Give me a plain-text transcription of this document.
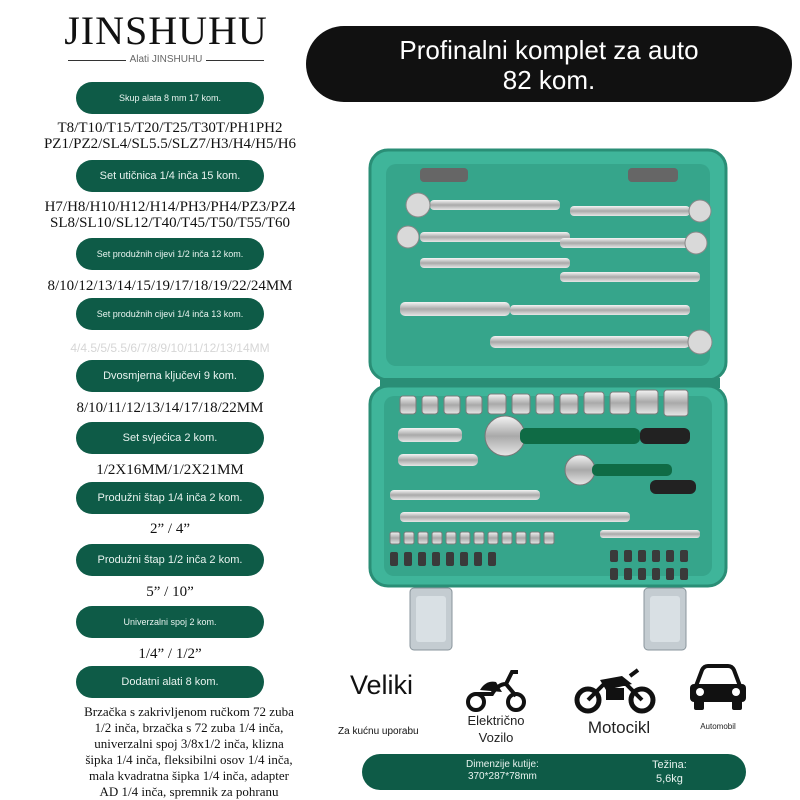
JINSHUHU
Alati JINSHUHU	Profinalni komplet za auto
82 kom.
Skup alata 8 mm 17 kom.
T8/T10/T15/T20/T25/T30T/PH1PH2
PZ1/PZ2/SL4/SL5.5/SLZ7/H3/H4/H5/H6
Set utičnica 1/4 inča 15 kom.
H7/H8/H10/H12/H14/PH3/PH4/PZ3/PZ4
SL8/SL10/SL12/T40/T45/T50/T55/T60
Set produžnih cijevi 1/2 inča 12 kom.
8/10/12/13/14/15/19/17/18/19/22/24MM
Set produžnih cijevi 1/4 inča 13 kom.
4/4.5/5/5.5/6/7/8/9/10/11/12/13/14MM
Dvosmjerna ključevi 9 kom.
8/10/11/12/13/14/17/18/22MM
Set svjećica 2 kom.
1/2X16MM/1/2X21MM
Produžni štap 1/4 inča 2 kom.
2” / 4”
Produžni štap 1/2 inča 2 kom.
5” / 10”
Univerzalni spoj 2 kom.
1/4” / 1/2”
Dodatni alati 8 kom.
Brzačka s zakrivljenom ručkom 72 zuba
1/2 inča, brzačka s 72 zuba 1/4 inča,
univerzalni spoj 3/8x1/2 inča, klizna
šipka 1/4 inča, fleksibilni osov 1/4 inča,
mala kvadratna šipka 1/4 inča, adapter
AD 1/4 inča, spremnik za pohranu
Veliki
Za kućnu uporabu
Električno
Vozilo
Motocikl	Automobil
Dimenzije kutije:
370*287*78mm
Težina:
5,6kg
